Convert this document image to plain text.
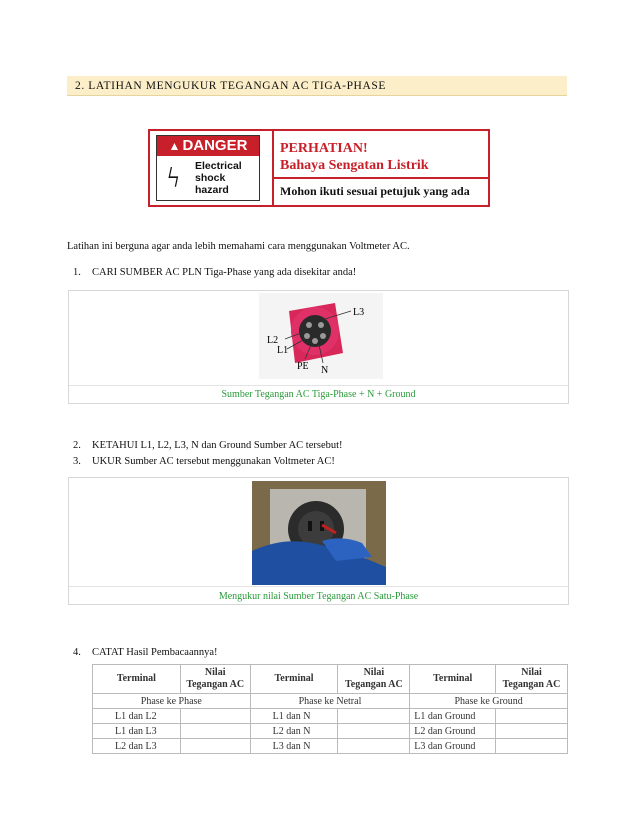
2. LATIHAN MENGUKUR TEGANGAN AC TIGA-PHASE
▲ DANGER
ϟ Electrical
shock
hazard
PERHATIAN!
Bahaya Sengatan Listrik
Mohon ikuti sesuai petujuk yang ada
Latihan ini berguna agar anda lebih memahami cara menggunakan Voltmeter AC.
1. CARI SUMBER AC PLN Tiga-Phase yang ada disekitar anda!
L3
L2
L1
PE N
Sumber Tegangan AC Tiga-Phase + N + Ground
2. KETAHUI L1, L2, L3, N dan Ground Sumber AC tersebut!
3. UKUR Sumber AC tersebut menggunakan Voltmeter AC!
Mengukur nilai Sumber Tegangan AC Satu-Phase
4. CATAT Hasil Pembacaannya!
Terminal	Nilai Tegangan AC	Terminal	Nilai Tegangan AC	Terminal	Nilai Tegangan AC
Phase ke Phase		Phase ke Netral		Phase ke Ground	
L1 dan L2		L1 dan N		L1 dan Ground	
L1 dan L3		L2 dan N		L2 dan Ground	
L2 dan L3		L3 dan N		L3 dan Ground	
